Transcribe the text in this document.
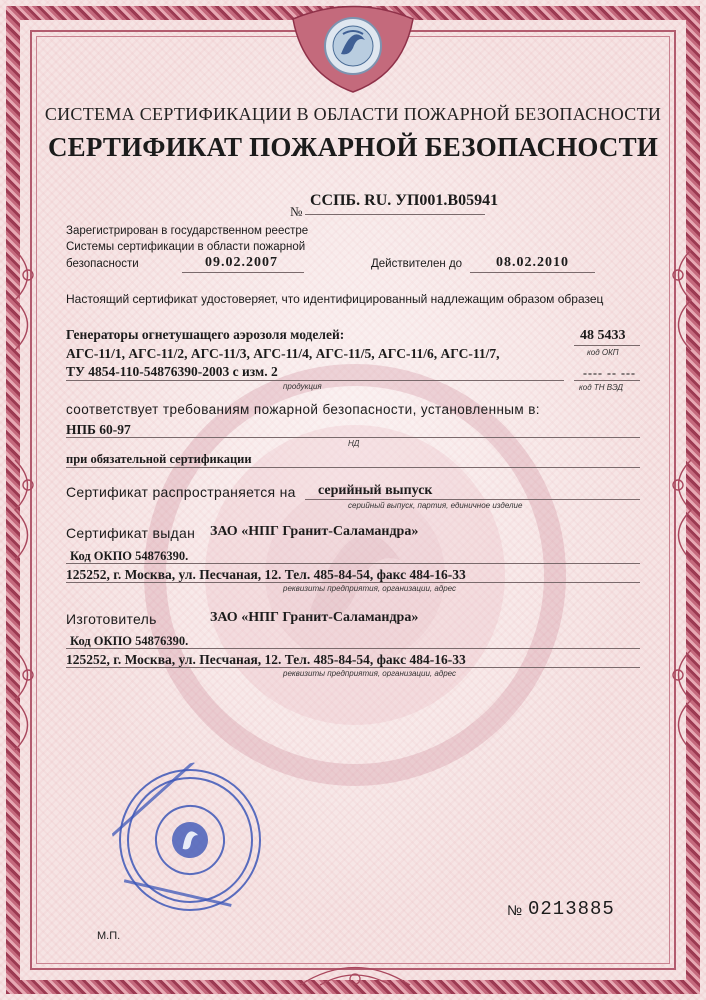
СИСТЕМА СЕРТИФИКАЦИИ В ОБЛАСТИ ПОЖАРНОЙ БЕЗОПАСНОСТИ
СЕРТИФИКАТ ПОЖАРНОЙ БЕЗОПАСНОСТИ
№
ССПБ. RU. УП001.В05941
Зарегистрирован в государственном реестре
Системы сертификации в области пожарной
безопасности	09.02.2007	Действителен до 08.02.2010
Настоящий сертификат удостоверяет, что идентифицированный надлежащим образом образец
Генераторы огнетушащего аэрозоля моделей:
АГС-11/1, АГС-11/2, АГС-11/3, АГС-11/4, АГС-11/5, АГС-11/6, АГС-11/7,
ТУ 4854-110-54876390-2003 с изм. 2
продукция
48 5433
код ОКП
---- -- ---
код ТН ВЭД
соответствует требованиям пожарной безопасности, установленным в:
НПБ 60-97
НД
при обязательной сертификации
Сертификат распространяется на серийный выпуск
серийный выпуск, партия, единичное изделие
Сертификат выдан ЗАО «НПГ Гранит-Саламандра»
Код ОКПО 54876390.
125252, г. Москва, ул. Песчаная, 12. Тел. 485-84-54, факс 484-16-33
реквизиты предприятия, организации, адрес
Изготовитель	ЗАО «НПГ Гранит-Саламандра»
Код ОКПО 54876390.
125252, г. Москва, ул. Песчаная, 12. Тел. 485-84-54, факс 484-16-33
реквизиты предприятия, организации, адрес
М.П.
№ 0213885
